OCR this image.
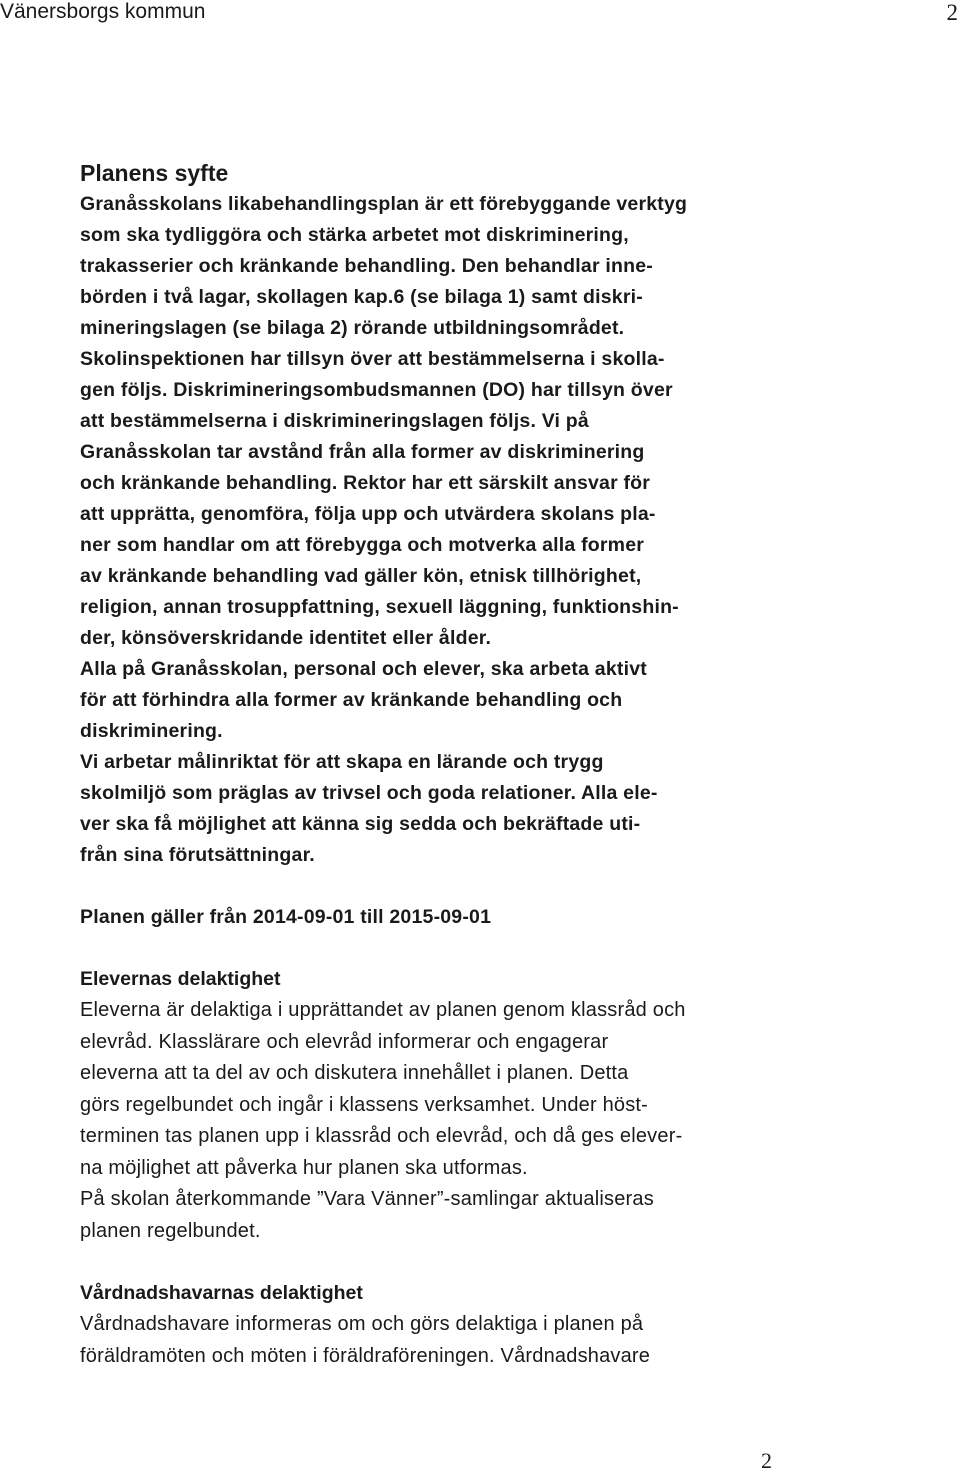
Vänersborgs kommun	2
Planens syfte
Granåsskolans likabehandlingsplan är ett förebyggande verktyg
som ska tydliggöra och stärka arbetet mot diskriminering,
trakasserier och kränkande behandling. Den behandlar inne-
börden i två lagar, skollagen kap.6 (se bilaga 1) samt diskri-
mineringslagen (se bilaga 2) rörande utbildningsområdet.
Skolinspektionen har tillsyn över att bestämmelserna i skolla-
gen följs. Diskrimineringsombudsmannen (DO) har tillsyn över
att bestämmelserna i diskrimineringslagen följs. Vi på
Granåsskolan tar avstånd från alla former av diskriminering
och kränkande behandling. Rektor har ett särskilt ansvar för
att upprätta, genomföra, följa upp och utvärdera skolans pla-
ner som handlar om att förebygga och motverka alla former
av kränkande behandling vad gäller kön, etnisk tillhörighet,
religion, annan trosuppfattning, sexuell läggning, funktionshin-
der, könsöverskridande identitet eller ålder.
Alla på Granåsskolan, personal och elever, ska arbeta aktivt
för att förhindra alla former av kränkande behandling och
diskriminering.
Vi arbetar målinriktat för att skapa en lärande och trygg
skolmiljö som präglas av trivsel och goda relationer. Alla ele-
ver ska få möjlighet att känna sig sedda och bekräftade uti-
från sina förutsättningar.
Planen gäller från 2014-09-01 till 2015-09-01
Elevernas delaktighet
Eleverna är delaktiga i upprättandet av planen genom klassråd och
elevråd. Klasslärare och elevråd informerar och engagerar
eleverna att ta del av och diskutera innehållet i planen. Detta
görs regelbundet och ingår i klassens verksamhet. Under höst-
terminen tas planen upp i klassråd och elevråd, och då ges elever-
na möjlighet att påverka hur planen ska utformas.
På skolan återkommande ”Vara Vänner”-samlingar aktualiseras
planen regelbundet.
Vårdnadshavarnas delaktighet
Vårdnadshavare informeras om och görs delaktiga i planen på
föräldramöten och möten i föräldraföreningen. Vårdnadshavare
2
